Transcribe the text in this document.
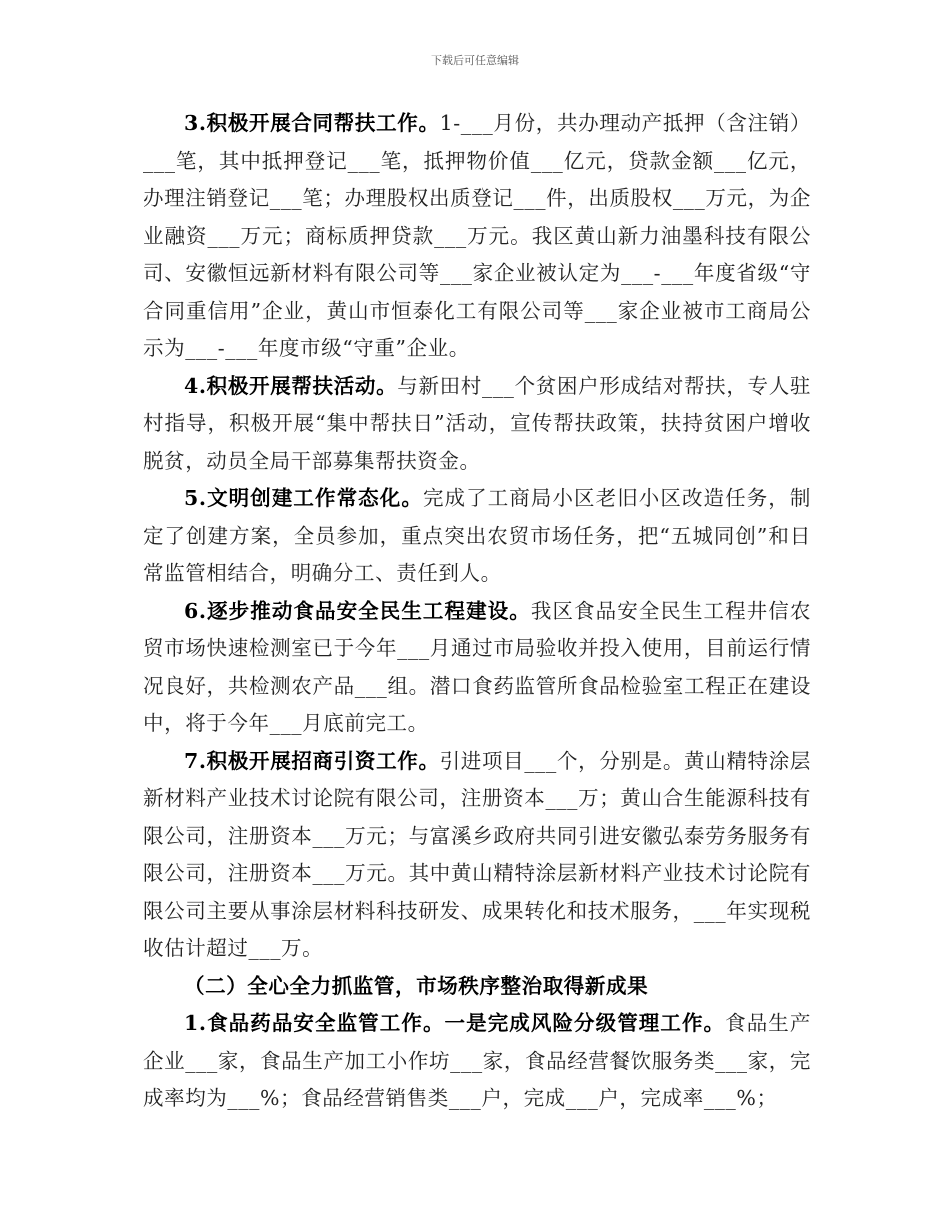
下载后可任意编辑

3.积极开展合同帮扶工作。1-___月份，共办理动产抵押（含注销）___笔，其中抵押登记___笔，抵押物价值___亿元，贷款金额___亿元，办理注销登记___笔；办理股权出质登记___件，出质股权___万元，为企业融资___万元；商标质押贷款___万元。我区黄山新力油墨科技有限公司、安徽恒远新材料有限公司等___家企业被认定为___-___年度省级“守合同重信用”企业，黄山市恒泰化工有限公司等___家企业被市工商局公示为___-___年度市级“守重”企业。

4.积极开展帮扶活动。与新田村___个贫困户形成结对帮扶，专人驻村指导，积极开展“集中帮扶日”活动，宣传帮扶政策，扶持贫困户增收脱贫，动员全局干部募集帮扶资金。

5.文明创建工作常态化。完成了工商局小区老旧小区改造任务，制定了创建方案，全员参加，重点突出农贸市场任务，把“五城同创”和日常监管相结合，明确分工、责任到人。

6.逐步推动食品安全民生工程建设。我区食品安全民生工程井信农贸市场快速检测室已于今年___月通过市局验收并投入使用，目前运行情况良好，共检测农产品___组。潜口食药监管所食品检验室工程正在建设中，将于今年___月底前完工。

7.积极开展招商引资工作。引进项目___个，分别是。黄山精特涂层新材料产业技术讨论院有限公司，注册资本___万；黄山合生能源科技有限公司，注册资本___万元；与富溪乡政府共同引进安徽弘泰劳务服务有限公司，注册资本___万元。其中黄山精特涂层新材料产业技术讨论院有限公司主要从事涂层材料科技研发、成果转化和技术服务，___年实现税收估计超过___万。

（二）全心全力抓监管，市场秩序整治取得新成果

1.食品药品安全监管工作。一是完成风险分级管理工作。食品生产企业___家，食品生产加工小作坊___家，食品经营餐饮服务类___家，完成率均为___%；食品经营销售类___户，完成___户，完成率___%；
